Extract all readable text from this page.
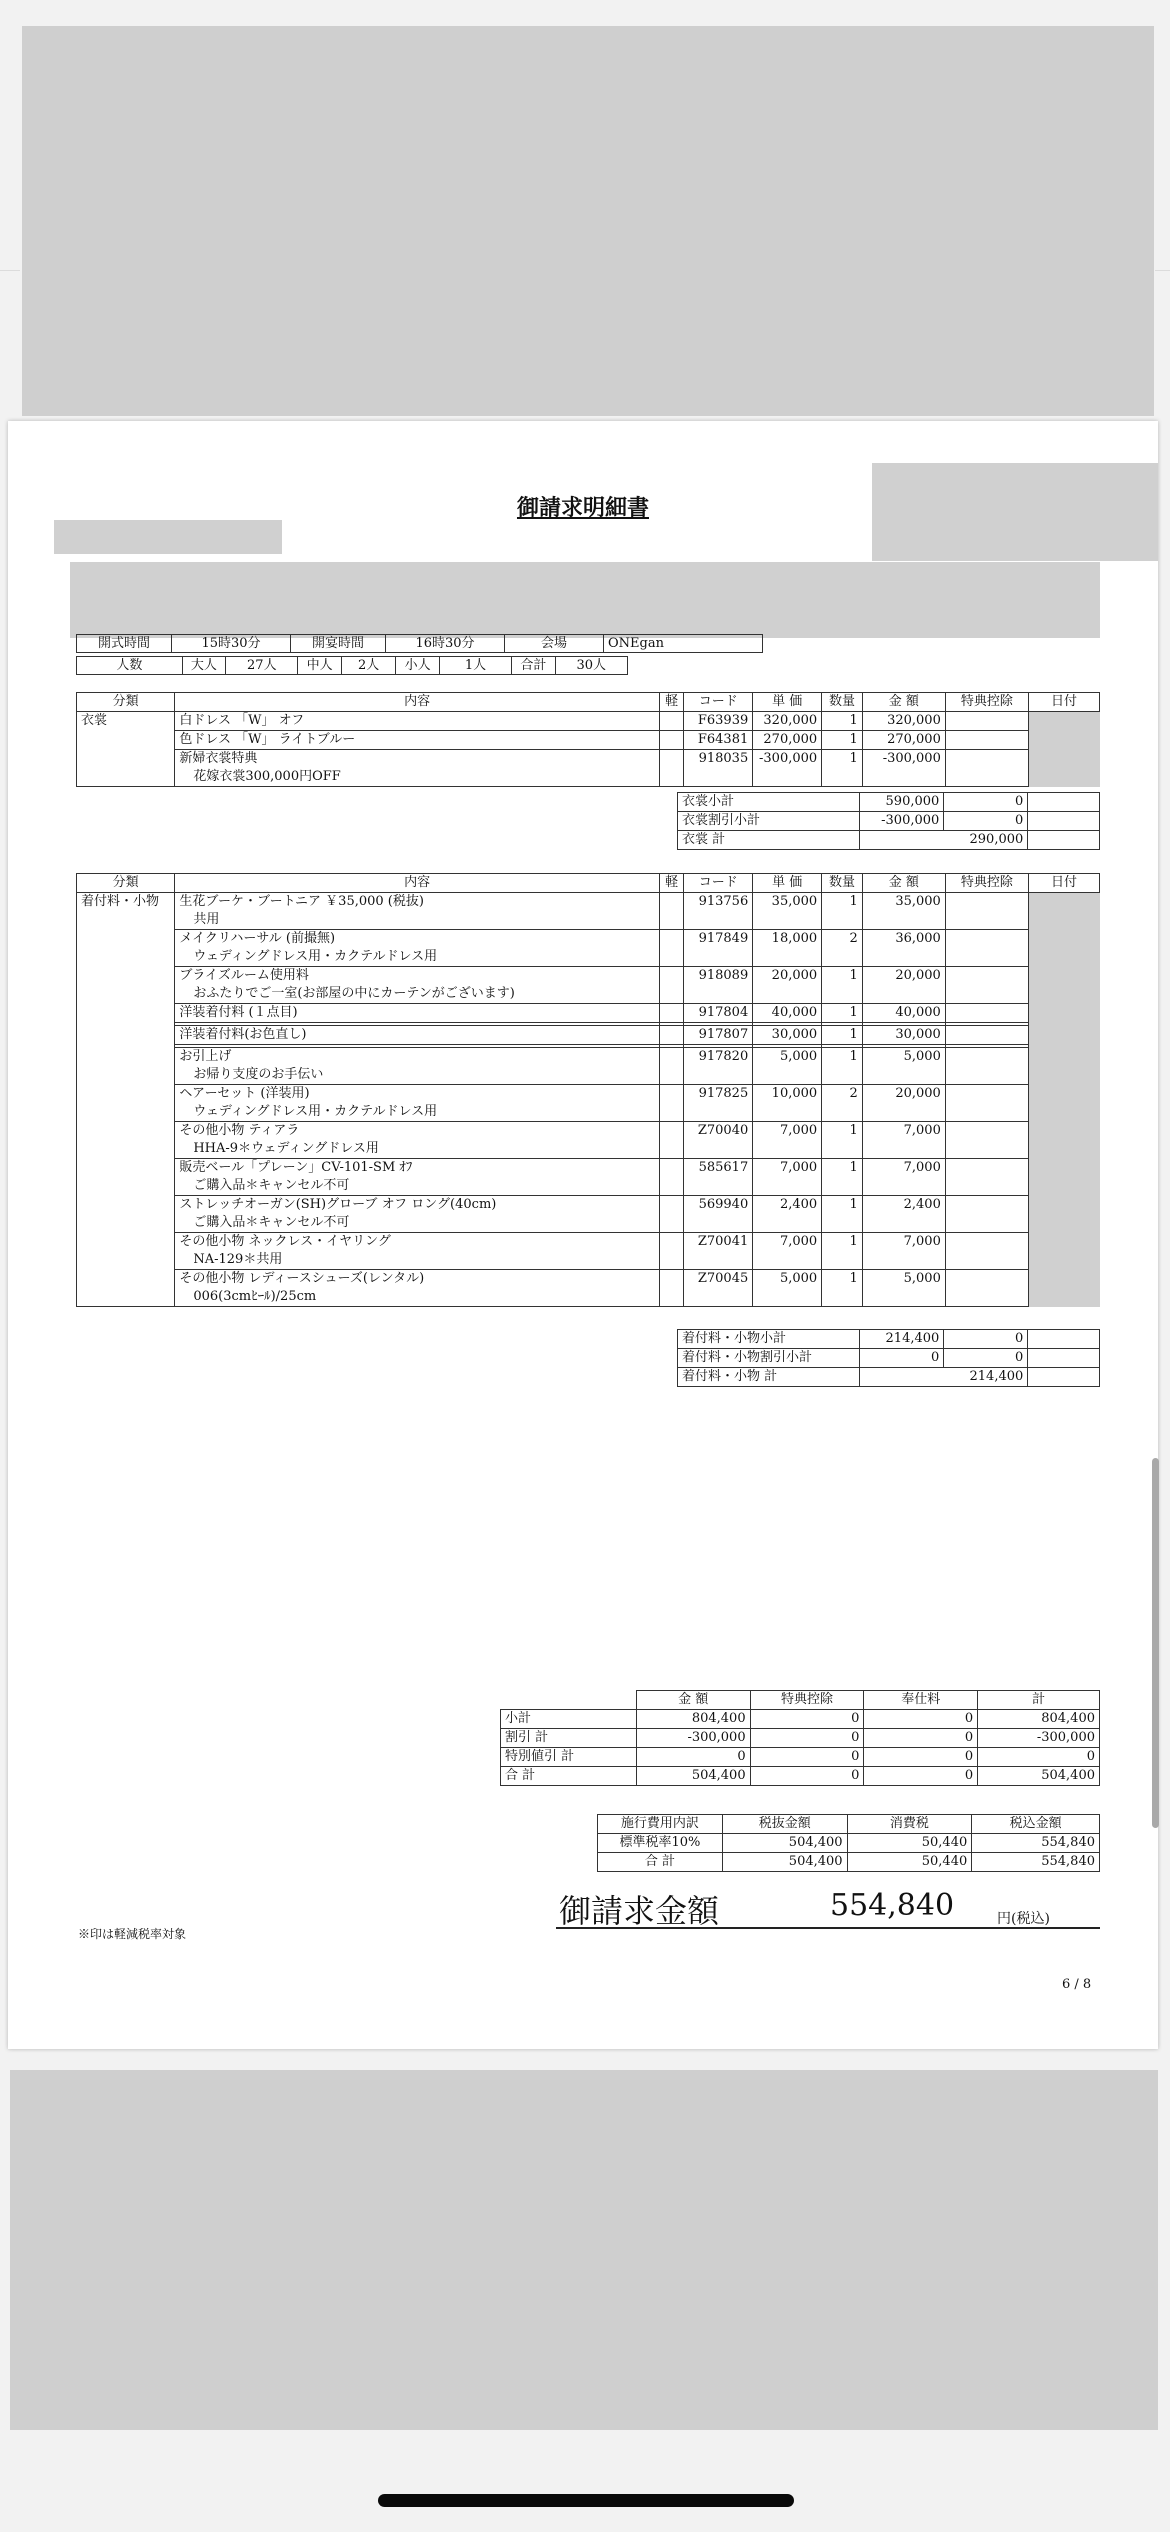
御請求明細書
開式時間	15時30分	開宴時間	16時30分	会場	ONEgan	
人数	大人	27人	中人	2人	小人	1人	合計	30人
分類	内容	軽	コード	単 価	数量	金 額	特典控除	日付
衣裳	白ドレス 「W」 オフ		F63939	320,000	1	320,000		
	色ドレス 「W」 ライトブルー		F64381	270,000	1	270,000		
	新婦衣裳特典		918035	-300,000	1	-300,000		
	花嫁衣裳300,000円OFF							
衣裳小計	590,000	0	
衣裳割引小計	-300,000	0	
衣裳 計	290,000		
分類	内容	軽	コード	単 価	数量	金 額	特典控除	日付
着付料・小物	生花ブーケ・ブートニア ￥35,000 (税抜)		913756	35,000	1	35,000		
	共用							
	メイクリハーサル (前撮無)		917849	18,000	2	36,000		
	ウェディングドレス用・カクテルドレス用							
	ブライズルーム使用料		918089	20,000	1	20,000		
	おふたりでご一室(お部屋の中にカーテンがございます)							
	洋装着付料 (１点目)		917804	40,000	1	40,000		

	洋装着付料(お色直し)		917807	30,000	1	30,000		

	お引上げ		917820	5,000	1	5,000		
	お帰り支度のお手伝い							
	ヘアーセット (洋装用)		917825	10,000	2	20,000		
	ウェディングドレス用・カクテルドレス用							
	その他小物 ティアラ		Z70040	7,000	1	7,000		
	HHA-9＊ウェディングドレス用							
	販売ベール「プレーン」CV-101-SM ｵﾌ		585617	7,000	1	7,000		
	ご購入品＊キャンセル不可							
	ストレッチオーガン(SH)グローブ オフ ロング(40cm)		569940	2,400	1	2,400		
	ご購入品＊キャンセル不可							
	その他小物 ネックレス・イヤリング		Z70041	7,000	1	7,000		
	NA-129＊共用							
	その他小物 レディースシューズ(レンタル)		Z70045	5,000	1	5,000		
	006(3cmﾋｰﾙ)/25cm							
着付料・小物小計	214,400	0	
着付料・小物割引小計	0	0	
着付料・小物 計	214,400		
	金 額	特典控除	奉仕料	計
小計	804,400	0	0	804,400
割引 計	-300,000	0	0	-300,000
特別値引 計	0	0	0	0
合 計	504,400	0	0	504,400
施行費用内訳	税抜金額	消費税	税込金額
標準税率10%	504,400	50,440	554,840
合 計	504,400	50,440	554,840
御請求金額	554,840	円(税込)
※印は軽減税率対象
6 / 8
